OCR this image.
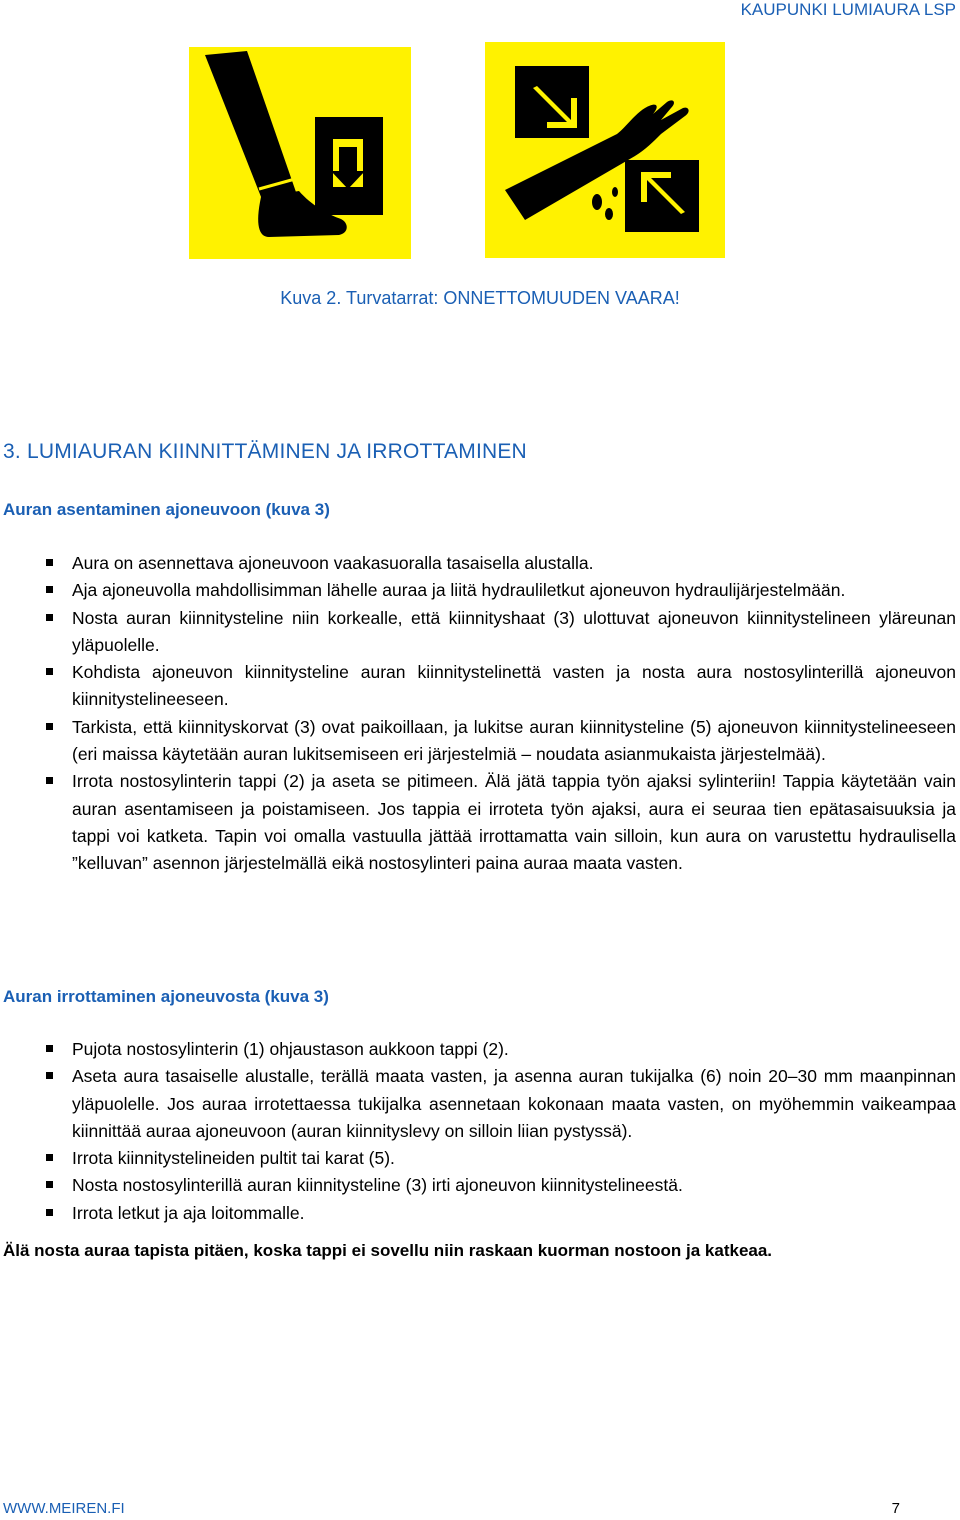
KAUPUNKI LUMIAURA LSP
Kuva 2. Turvatarrat: ONNETTOMUUDEN VAARA!
3. LUMIAURAN KIINNITTÄMINEN JA IRROTTAMINEN
Auran asentaminen ajoneuvoon (kuva 3)
Aura on asennettava ajoneuvoon vaakasuoralla tasaisella alustalla.
Aja ajoneuvolla mahdollisimman lähelle auraa ja liitä hydrauliletkut ajoneuvon hydraulijärjestelmään.
Nosta auran kiinnitysteline niin korkealle, että kiinnityshaat (3) ulottuvat ajoneuvon kiinnitystelineen yläreunan yläpuolelle.
Kohdista ajoneuvon kiinnitysteline auran kiinnitystelinettä vasten ja nosta aura nostosylinterillä ajoneuvon kiinnitystelineeseen.
Tarkista, että kiinnityskorvat (3) ovat paikoillaan, ja lukitse auran kiinnitysteline (5) ajoneuvon kiinnitystelineeseen (eri maissa käytetään auran lukitsemiseen eri järjestelmiä – noudata asianmukaista järjestelmää).
Irrota nostosylinterin tappi (2) ja aseta se pitimeen. Älä jätä tappia työn ajaksi sylinteriin! Tappia käytetään vain auran asentamiseen ja poistamiseen. Jos tappia ei irroteta työn ajaksi, aura ei seuraa tien epätasaisuuksia ja tappi voi katketa. Tapin voi omalla vastuulla jättää irrottamatta vain silloin, kun aura on varustettu hydraulisella ”kelluvan” asennon järjestelmällä eikä nostosylinteri paina auraa maata vasten.
Auran irrottaminen ajoneuvosta (kuva 3)
Pujota nostosylinterin (1) ohjaustason aukkoon tappi (2).
Aseta aura tasaiselle alustalle, terällä maata vasten, ja asenna auran tukijalka (6) noin 20–30 mm maanpinnan yläpuolelle. Jos auraa irrotettaessa tukijalka asennetaan kokonaan maata vasten, on myöhemmin vaikeampaa kiinnittää auraa ajoneuvoon (auran kiinnityslevy on silloin liian pystyssä).
Irrota kiinnitystelineiden pultit tai karat (5).
Nosta nostosylinterillä auran kiinnitysteline (3) irti ajoneuvon kiinnitystelineestä.
Irrota letkut ja aja loitommalle.
Älä nosta auraa tapista pitäen, koska tappi ei sovellu niin raskaan kuorman nostoon ja katkeaa.
WWW.MEIREN.FI	7
